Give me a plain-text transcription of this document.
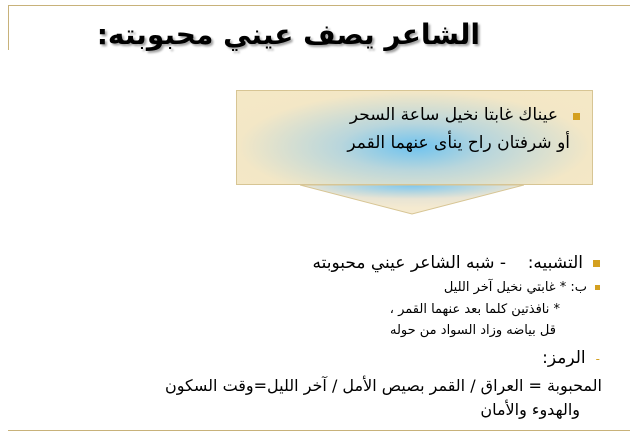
الشاعر يصف عيني محبوبته:
عيناك غابتا نخيل ساعة السحر
أو شرفتان راح ينأى عنهما القمر
التشبيه:    - شبه الشاعر عيني محبوبته
ب: * غابتي نخيل آخر الليل
* نافذتين كلما بعد عنهما القمر ،
قل بياضه وزاد السواد من حوله
-الرمز:
المحبوبة = العراق / القمر بصيص الأمل / آخر الليل=وقت السكون
والهدوء والأمان
